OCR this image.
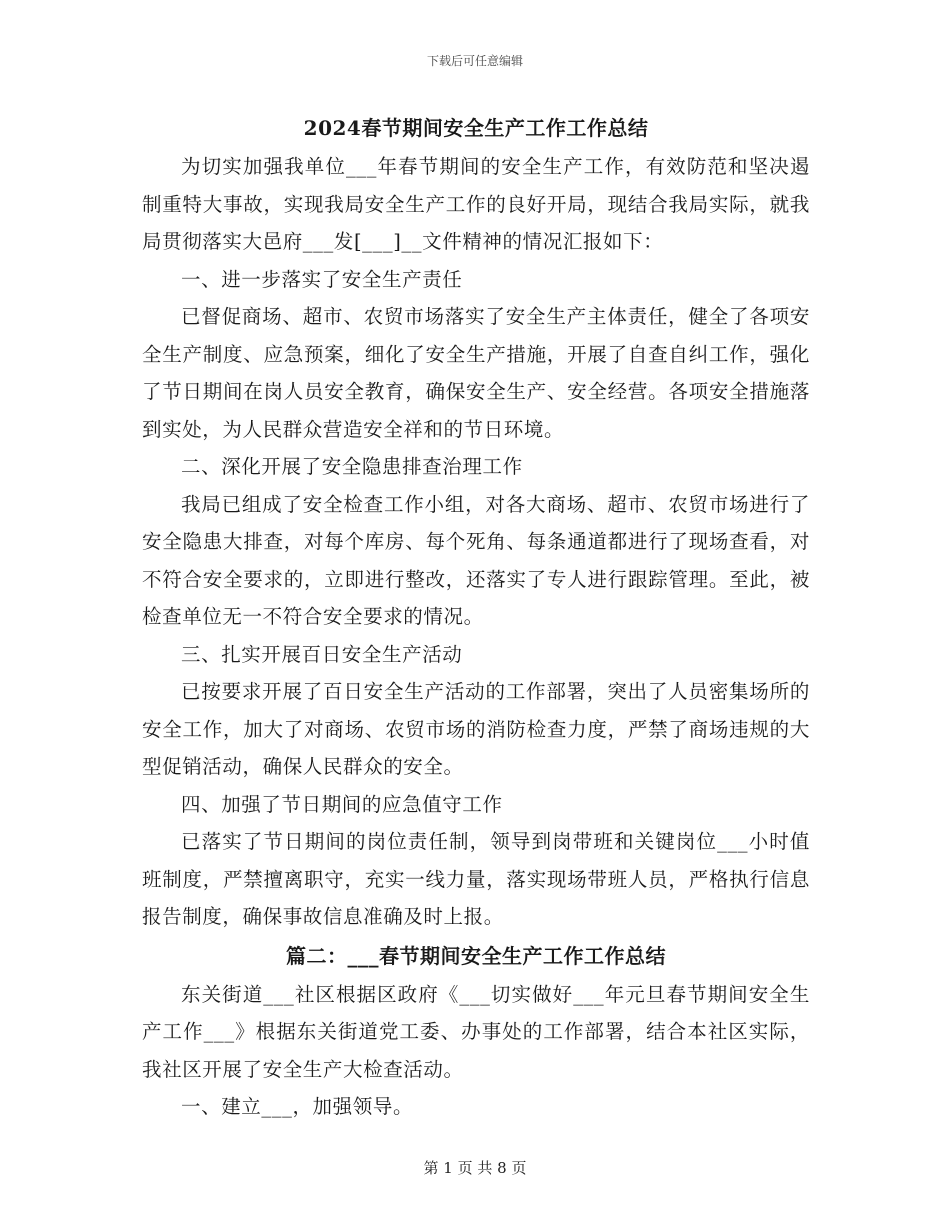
下载后可任意编辑
2024春节期间安全生产工作工作总结

为切实加强我单位___年春节期间的安全生产工作，有效防范和坚决遏制重特大事故，实现我局安全生产工作的良好开局，现结合我局实际，就我局贯彻落实大邑府___发[___]__文件精神的情况汇报如下：

一、进一步落实了安全生产责任

已督促商场、超市、农贸市场落实了安全生产主体责任，健全了各项安全生产制度、应急预案，细化了安全生产措施，开展了自查自纠工作，强化了节日期间在岗人员安全教育，确保安全生产、安全经营。各项安全措施落到实处，为人民群众营造安全祥和的节日环境。

二、深化开展了安全隐患排查治理工作

我局已组成了安全检查工作小组，对各大商场、超市、农贸市场进行了安全隐患大排查，对每个库房、每个死角、每条通道都进行了现场查看，对不符合安全要求的，立即进行整改，还落实了专人进行跟踪管理。至此，被检查单位无一不符合安全要求的情况。

三、扎实开展百日安全生产活动

已按要求开展了百日安全生产活动的工作部署，突出了人员密集场所的安全工作，加大了对商场、农贸市场的消防检查力度，严禁了商场违规的大型促销活动，确保人民群众的安全。

四、加强了节日期间的应急值守工作

已落实了节日期间的岗位责任制，领导到岗带班和关键岗位___小时值班制度，严禁擅离职守，充实一线力量，落实现场带班人员，严格执行信息报告制度，确保事故信息准确及时上报。

篇二：___春节期间安全生产工作工作总结

东关街道___社区根据区政府《___切实做好___年元旦春节期间安全生产工作___》根据东关街道党工委、办事处的工作部署，结合本社区实际，我社区开展了安全生产大检查活动。

一、建立___，加强领导。

第 1 页 共 8 页
